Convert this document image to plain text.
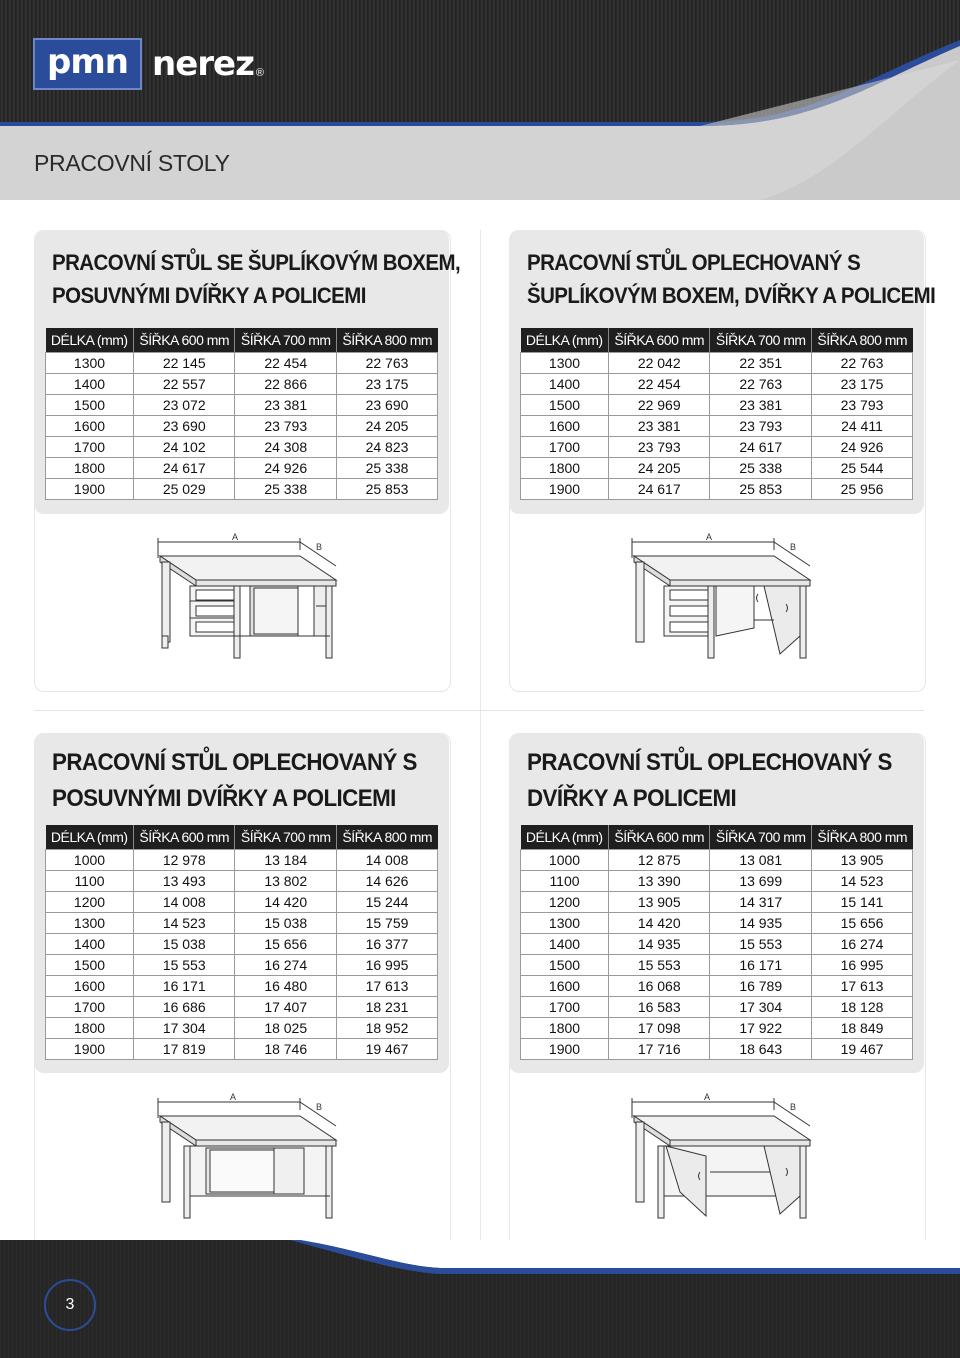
pmn nerez ®
PRACOVNÍ STOLY
PRACOVNÍ STŮL SE ŠUPLÍKOVÝM BOXEM,
POSUVNÝMI DVÍŘKY A POLICEMI
DÉLKA (mm)	ŠÍŘKA 600 mm	ŠÍŘKA 700 mm	ŠÍŘKA 800 mm
1300	22 145	22 454	22 763
1400	22 557	22 866	23 175
1500	23 072	23 381	23 690
1600	23 690	23 793	24 205
1700	24 102	24 308	24 823
1800	24 617	24 926	25 338
1900	25 029	25 338	25 853
PRACOVNÍ STŮL OPLECHOVANÝ S
ŠUPLÍKOVÝM BOXEM, DVÍŘKY A POLICEMI
DÉLKA (mm)	ŠÍŘKA 600 mm	ŠÍŘKA 700 mm	ŠÍŘKA 800 mm
1300	22 042	22 351	22 763
1400	22 454	22 763	23 175
1500	22 969	23 381	23 793
1600	23 381	23 793	24 411
1700	23 793	24 617	24 926
1800	24 205	25 338	25 544
1900	24 617	25 853	25 956
PRACOVNÍ STŮL OPLECHOVANÝ S
POSUVNÝMI DVÍŘKY A POLICEMI
DÉLKA (mm)	ŠÍŘKA 600 mm	ŠÍŘKA 700 mm	ŠÍŘKA 800 mm
1000	12 978	13 184	14 008
1100	13 493	13 802	14 626
1200	14 008	14 420	15 244
1300	14 523	15 038	15 759
1400	15 038	15 656	16 377
1500	15 553	16 274	16 995
1600	16 171	16 480	17 613
1700	16 686	17 407	18 231
1800	17 304	18 025	18 952
1900	17 819	18 746	19 467
PRACOVNÍ STŮL OPLECHOVANÝ S
DVÍŘKY A POLICEMI
DÉLKA (mm)	ŠÍŘKA 600 mm	ŠÍŘKA 700 mm	ŠÍŘKA 800 mm
1000	12 875	13 081	13 905
1100	13 390	13 699	14 523
1200	13 905	14 317	15 141
1300	14 420	14 935	15 656
1400	14 935	15 553	16 274
1500	15 553	16 171	16 995
1600	16 068	16 789	17 613
1700	16 583	17 304	18 128
1800	17 098	17 922	18 849
1900	17 716	18 643	19 467
A
B
A
B
A
B
A
B
3
